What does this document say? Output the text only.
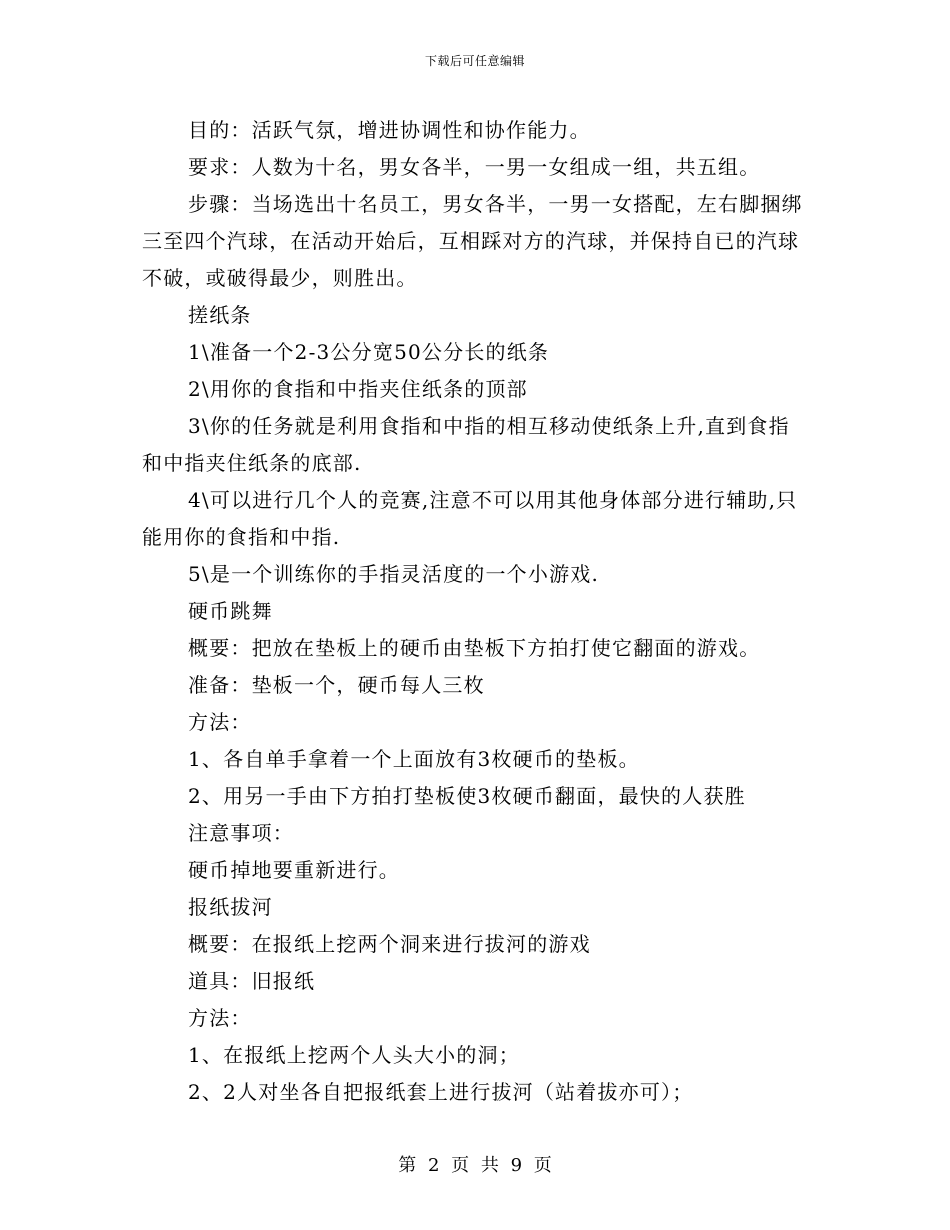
下载后可任意编辑

目的：活跃气氛，增进协调性和协作能力。

要求：人数为十名，男女各半，一男一女组成一组，共五组。

步骤：当场选出十名员工，男女各半，一男一女搭配，左右脚捆绑三至四个汽球，在活动开始后，互相踩对方的汽球，并保持自已的汽球不破，或破得最少，则胜出。

搓纸条

1\准备一个2-3公分宽50公分长的纸条

2\用你的食指和中指夹住纸条的顶部

3\你的任务就是利用食指和中指的相互移动使纸条上升,直到食指和中指夹住纸条的底部.

4\可以进行几个人的竞赛,注意不可以用其他身体部分进行辅助,只能用你的食指和中指.

5\是一个训练你的手指灵活度的一个小游戏.

硬币跳舞

概要：把放在垫板上的硬币由垫板下方拍打使它翻面的游戏。

准备：垫板一个，硬币每人三枚

方法：

1、各自单手拿着一个上面放有3枚硬币的垫板。

2、用另一手由下方拍打垫板使3枚硬币翻面，最快的人获胜

注意事项：

硬币掉地要重新进行。

报纸拔河

概要：在报纸上挖两个洞来进行拔河的游戏

道具：旧报纸

方法：

1、在报纸上挖两个人头大小的洞；

2、2人对坐各自把报纸套上进行拔河（站着拔亦可）；

第 2 页 共 9 页
